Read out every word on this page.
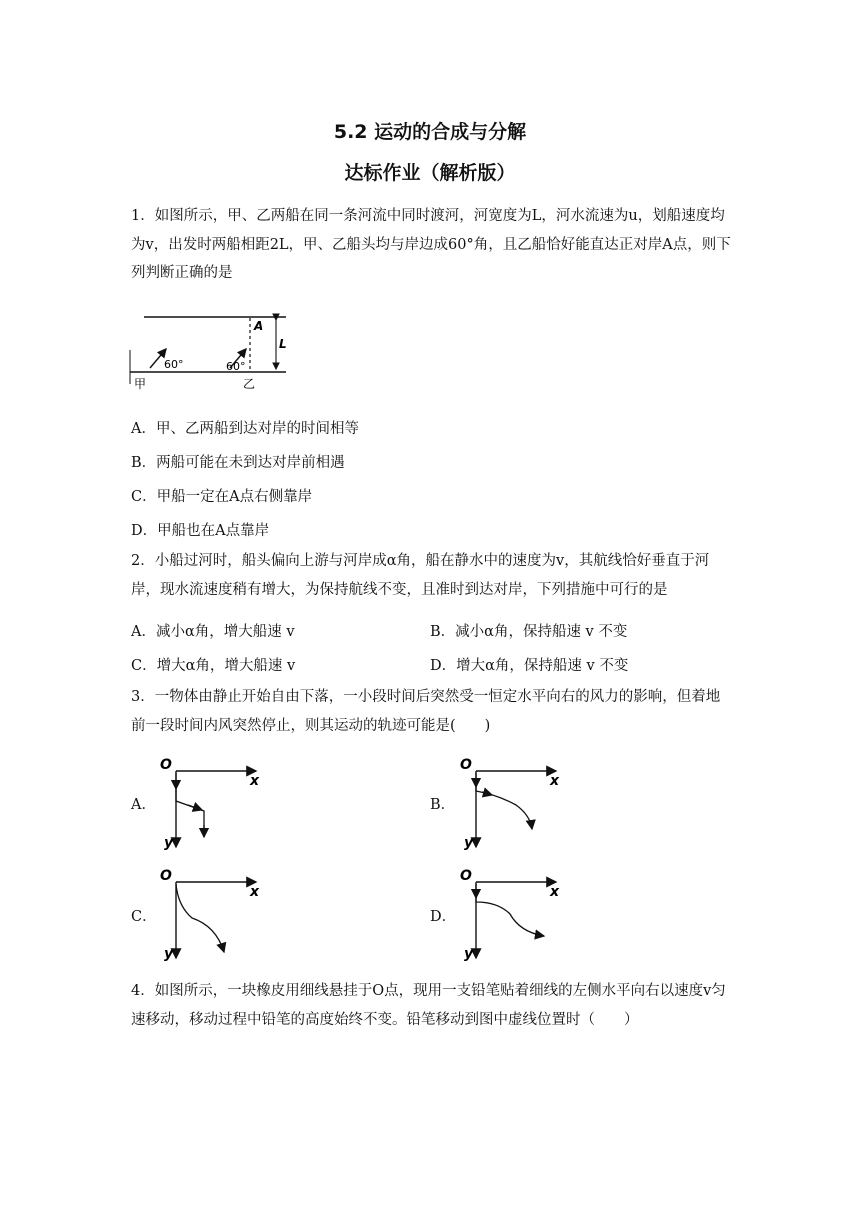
5.2 运动的合成与分解
达标作业（解析版）
1．如图所示，甲、乙两船在同一条河流中同时渡河，河宽度为L，河水流速为u，划船速度均为v，出发时两船相距2L，甲、乙船头均与岸边成60°角，且乙船恰好能直达正对岸A点，则下列判断正确的是
60°	60°
A
L
甲	乙
A．甲、乙两船到达对岸的时间相等
B．两船可能在未到达对岸前相遇
C．甲船一定在A点右侧靠岸
D．甲船也在A点靠岸
2．小船过河时，船头偏向上游与河岸成α角，船在静水中的速度为v，其航线恰好垂直于河岸，现水流速度稍有增大，为保持航线不变，且准时到达对岸，下列措施中可行的是
A．减小α角，增大船速 v	B．减小α角，保持船速 v 不变
C．增大α角，增大船速 v	D．增大α角，保持船速 v 不变
3．一物体由静止开始自由下落，一小段时间后突然受一恒定水平向右的风力的影响，但着地前一段时间内风突然停止，则其运动的轨迹可能是(　　)
A．	B．
C．	D．
O
x
y
O
x
y
O
x
y
O
x
y
4．如图所示，一块橡皮用细线悬挂于O点，现用一支铅笔贴着细线的左侧水平向右以速度v匀速移动，移动过程中铅笔的高度始终不变。铅笔移动到图中虚线位置时（　　）
